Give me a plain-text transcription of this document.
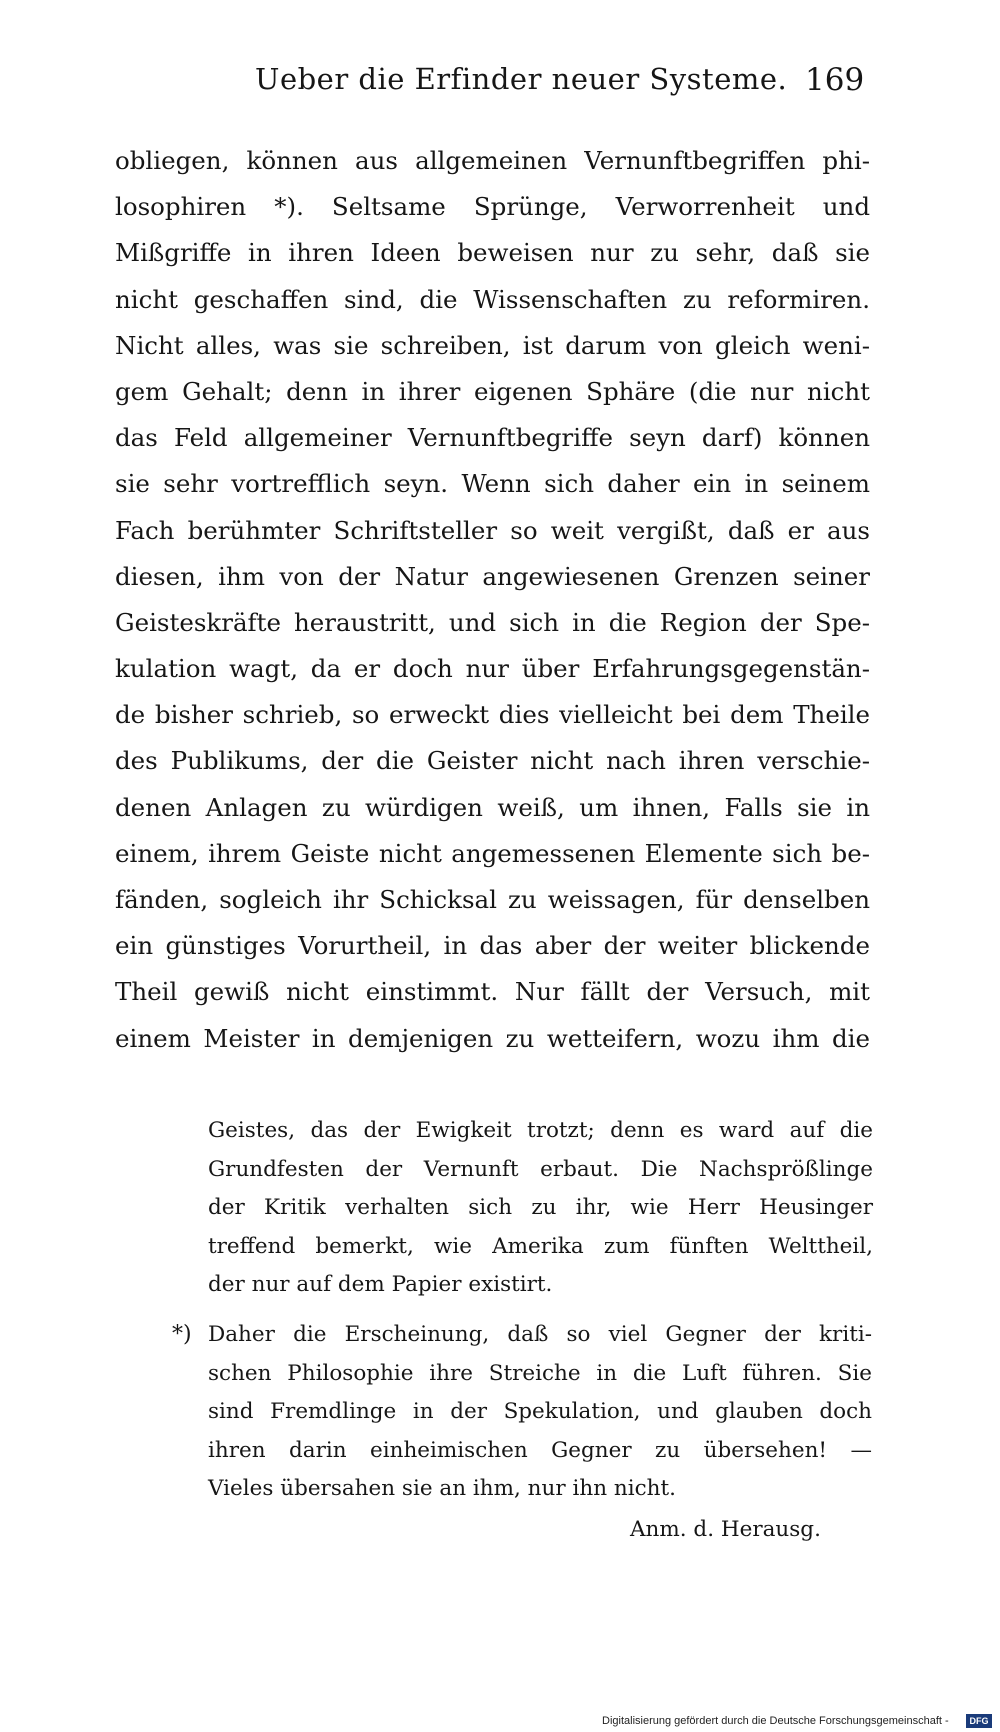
Ueber die Erfinder neuer Systeme. 169
obliegen, können aus allgemeinen Vernunftbegriffen phi-
losophiren *). Seltsame Sprünge, Verworrenheit und
Mißgriffe in ihren Ideen beweisen nur zu sehr, daß sie
nicht geschaffen sind, die Wissenschaften zu reformiren.
Nicht alles, was sie schreiben, ist darum von gleich weni-
gem Gehalt; denn in ihrer eigenen Sphäre (die nur nicht
das Feld allgemeiner Vernunftbegriffe seyn darf) können
sie sehr vortrefflich seyn. Wenn sich daher ein in seinem
Fach berühmter Schriftsteller so weit vergißt, daß er aus
diesen, ihm von der Natur angewiesenen Grenzen seiner
Geisteskräfte heraustritt, und sich in die Region der Spe-
kulation wagt, da er doch nur über Erfahrungsgegenstän-
de bisher schrieb, so erweckt dies vielleicht bei dem Theile
des Publikums, der die Geister nicht nach ihren verschie-
denen Anlagen zu würdigen weiß, um ihnen, Falls sie in
einem, ihrem Geiste nicht angemessenen Elemente sich be-
fänden, sogleich ihr Schicksal zu weissagen, für denselben
ein günstiges Vorurtheil, in das aber der weiter blickende
Theil gewiß nicht einstimmt. Nur fällt der Versuch, mit
einem Meister in demjenigen zu wetteifern, wozu ihm die
Geistes, das der Ewigkeit trotzt; denn es ward auf die
Grundfesten der Vernunft erbaut. Die Nachsprößlinge
der Kritik verhalten sich zu ihr, wie Herr Heusinger
treffend bemerkt, wie Amerika zum fünften Welttheil,
der nur auf dem Papier existirt.
*) Daher die Erscheinung, daß so viel Gegner der kriti-
schen Philosophie ihre Streiche in die Luft führen. Sie
sind Fremdlinge in der Spekulation, und glauben doch
ihren darin einheimischen Gegner zu übersehen! —
Vieles übersahen sie an ihm, nur ihn nicht.
Anm. d. Herausg.
Digitalisierung gefördert durch die Deutsche Forschungsgemeinschaft -	DFG
